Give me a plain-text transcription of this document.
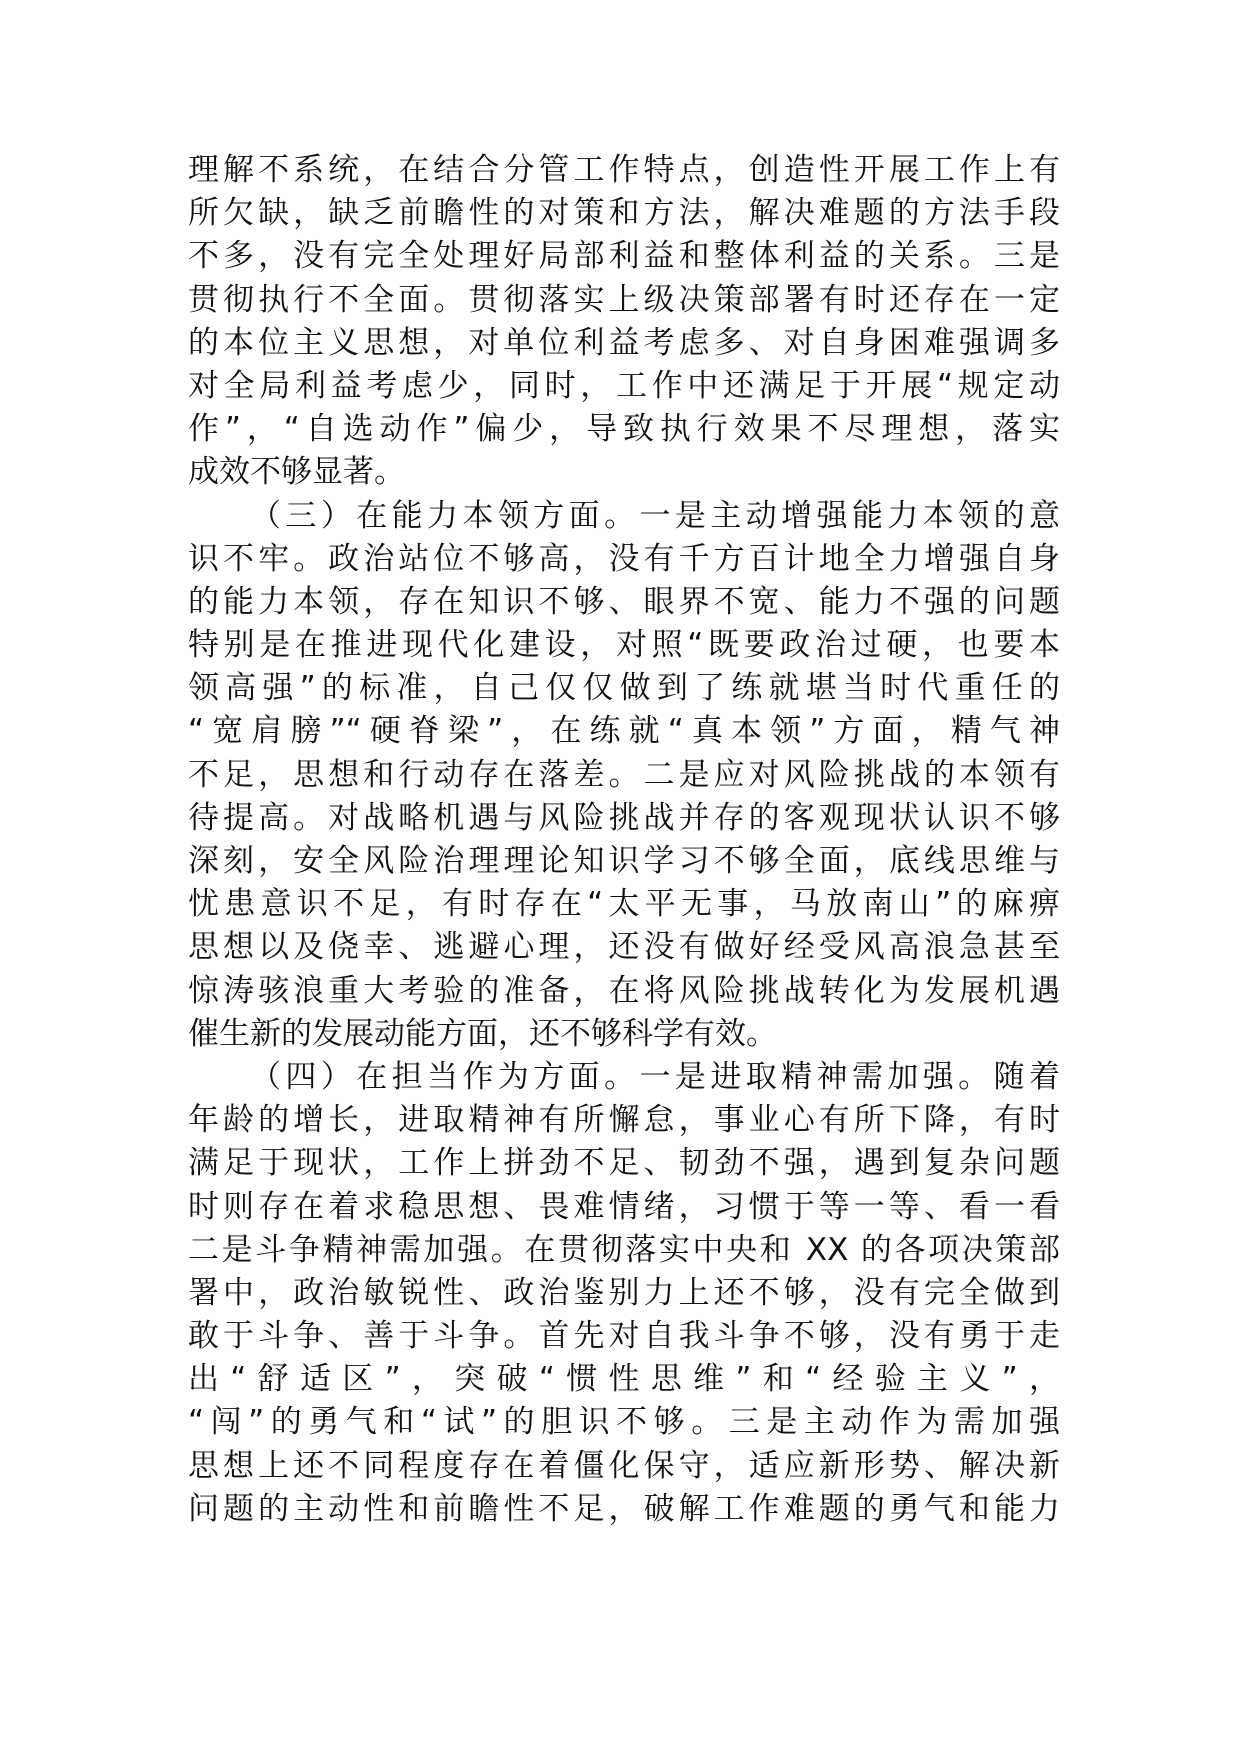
理解不系统，在结合分管工作特点，创造性开展工作上有
所欠缺，缺乏前瞻性的对策和方法，解决难题的方法手段
不多，没有完全处理好局部利益和整体利益的关系。三是
贯彻执行不全面。贯彻落实上级决策部署有时还存在一定
的本位主义思想，对单位利益考虑多、对自身困难强调多
对全局利益考虑少，同时，工作中还满足于开展“规定动
作”，“自选动作”偏少，导致执行效果不尽理想，落实
成效不够显著。
（三）在能力本领方面。一是主动增强能力本领的意
识不牢。政治站位不够高，没有千方百计地全力增强自身
的能力本领，存在知识不够、眼界不宽、能力不强的问题
特别是在推进现代化建设，对照“既要政治过硬，也要本
领高强”的标准，自己仅仅做到了练就堪当时代重任的
“宽肩膀”“硬脊梁”，在练就“真本领”方面，精气神
不足，思想和行动存在落差。二是应对风险挑战的本领有
待提高。对战略机遇与风险挑战并存的客观现状认识不够
深刻，安全风险治理理论知识学习不够全面，底线思维与
忧患意识不足，有时存在“太平无事，马放南山”的麻痹
思想以及侥幸、逃避心理，还没有做好经受风高浪急甚至
惊涛骇浪重大考验的准备，在将风险挑战转化为发展机遇
催生新的发展动能方面，还不够科学有效。
（四）在担当作为方面。一是进取精神需加强。随着
年龄的增长，进取精神有所懈怠，事业心有所下降，有时
满足于现状，工作上拼劲不足、韧劲不强，遇到复杂问题
时则存在着求稳思想、畏难情绪，习惯于等一等、看一看
二是斗争精神需加强。在贯彻落实中央和 XX 的各项决策部
署中，政治敏锐性、政治鉴别力上还不够，没有完全做到
敢于斗争、善于斗争。首先对自我斗争不够，没有勇于走
出“舒适区”，突破“惯性思维”和“经验主义”，
“闯”的勇气和“试”的胆识不够。三是主动作为需加强
思想上还不同程度存在着僵化保守，适应新形势、解决新
问题的主动性和前瞻性不足，破解工作难题的勇气和能力
